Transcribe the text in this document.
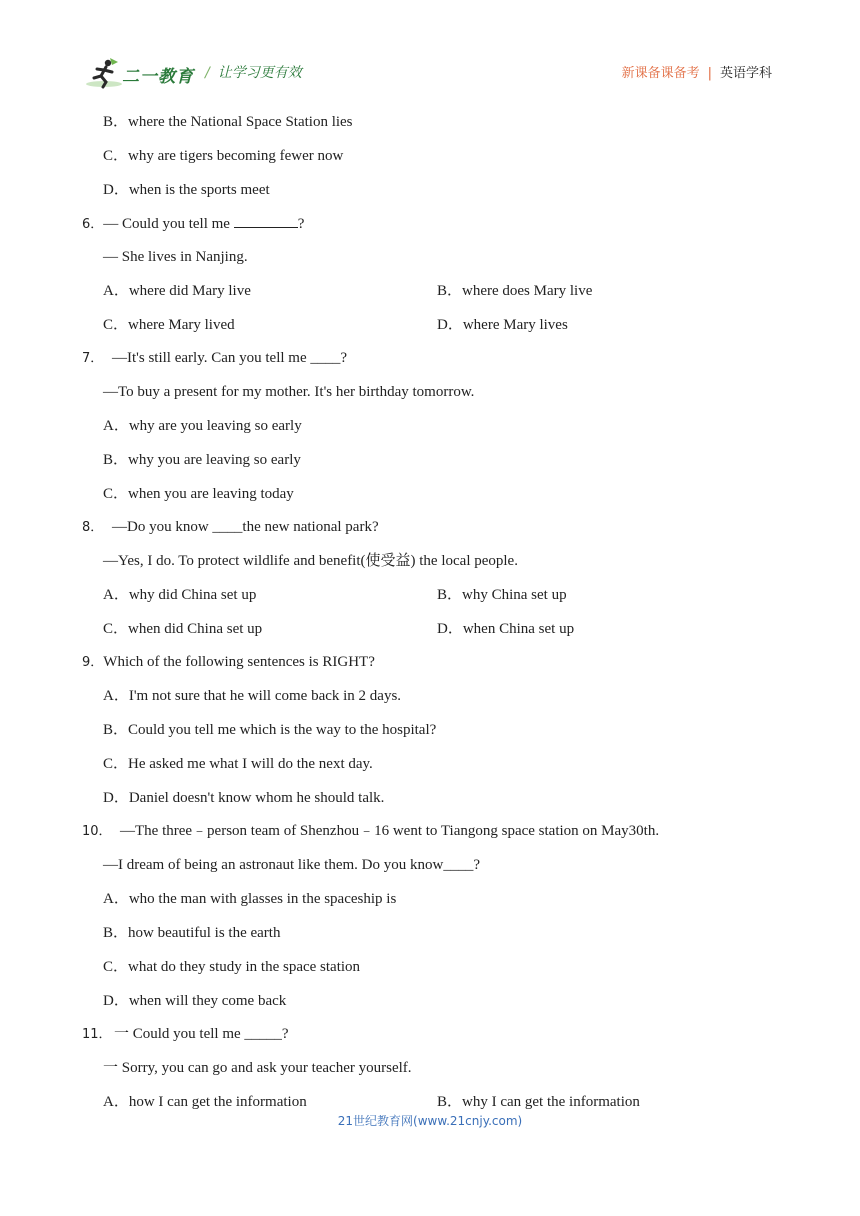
二一教育 / 让学习更有效	新课备课备考 | 英语学科
B．where the National Space Station lies
C．why are tigers becoming fewer now
D．when is the sports meet
6．— Could you tell me	?
— She lives in Nanjing.
A．where did Mary live	B．where does Mary live
C．where Mary lived	D．where Mary lives
7． —It's still early. Can you tell me ____?
—To buy a present for my mother. It's her birthday tomorrow.
A．why are you leaving so early
B．why you are leaving so early
C．when you are leaving today
8． —Do you know ____the new national park?
—Yes, I do. To protect wildlife and benefit(使受益) the local people.
A．why did China set up	B．why China set up
C．when did China set up	D．when China set up
9．Which of the following sentences is RIGHT?
A．I'm not sure that he will come back in 2 days.
B．Could you tell me which is the way to the hospital?
C．He asked me what I will do the next day.
D．Daniel doesn't know whom he should talk.
10． —The three﹣person team of Shenzhou﹣16 went to Tiangong space station on May30th.
—I dream of being an astronaut like them. Do you know____?
A．who the man with glasses in the spaceship is
B．how beautiful is the earth
C．what do they study in the space station
D．when will they come back
11． 一 Could you tell me _____?
一 Sorry, you can go and ask your teacher yourself.
A．how I can get the information	B．why I can get the information
21世纪教育网(www.21cnjy.com)
